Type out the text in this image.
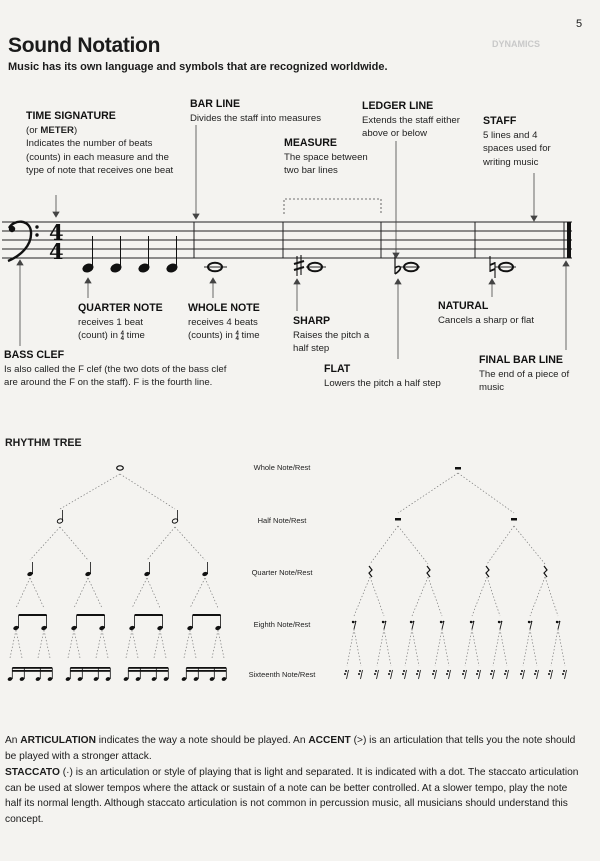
DYNAMICS
5
Sound Notation
Music has its own language and symbols that are recognized worldwide.
TIME SIGNATURE
(or METER)
Indicates the number of beats (counts) in each measure and the type of note that receives one beat
BAR LINE
Divides the staff into measures
MEASURE
The space between two bar lines
LEDGER LINE
Extends the staff either above or below
STAFF
5 lines and 4 spaces used for writing music
QUARTER NOTE
receives 1 beat
(count) in 4
4 time
WHOLE NOTE
receives 4 beats
(counts) in 4
4 time
SHARP
Raises the pitch a half step
FLAT
Lowers the pitch a half step
NATURAL
Cancels a sharp or flat
FINAL BAR LINE
The end of a piece of music
BASS CLEF
Is also called the F clef (the two dots of the bass clef are around the F on the staff). F is the fourth line.
4
4
RHYTHM TREE
Whole Note/Rest
Half Note/Rest
Quarter Note/Rest
Eighth Note/Rest
Sixteenth Note/Rest
An ARTICULATION indicates the way a note should be played. An ACCENT (>) is an articulation that tells you the note should be played with a stronger attack.
STACCATO (·) is an articulation or style of playing that is light and separated. It is indicated with a dot. The staccato articulation can be used at slower tempos where the attack or sustain of a note can be better controlled. At a slower tempo, play the note half its normal length. Although staccato articulation is not common in percussion music, all musicians should understand this concept.
